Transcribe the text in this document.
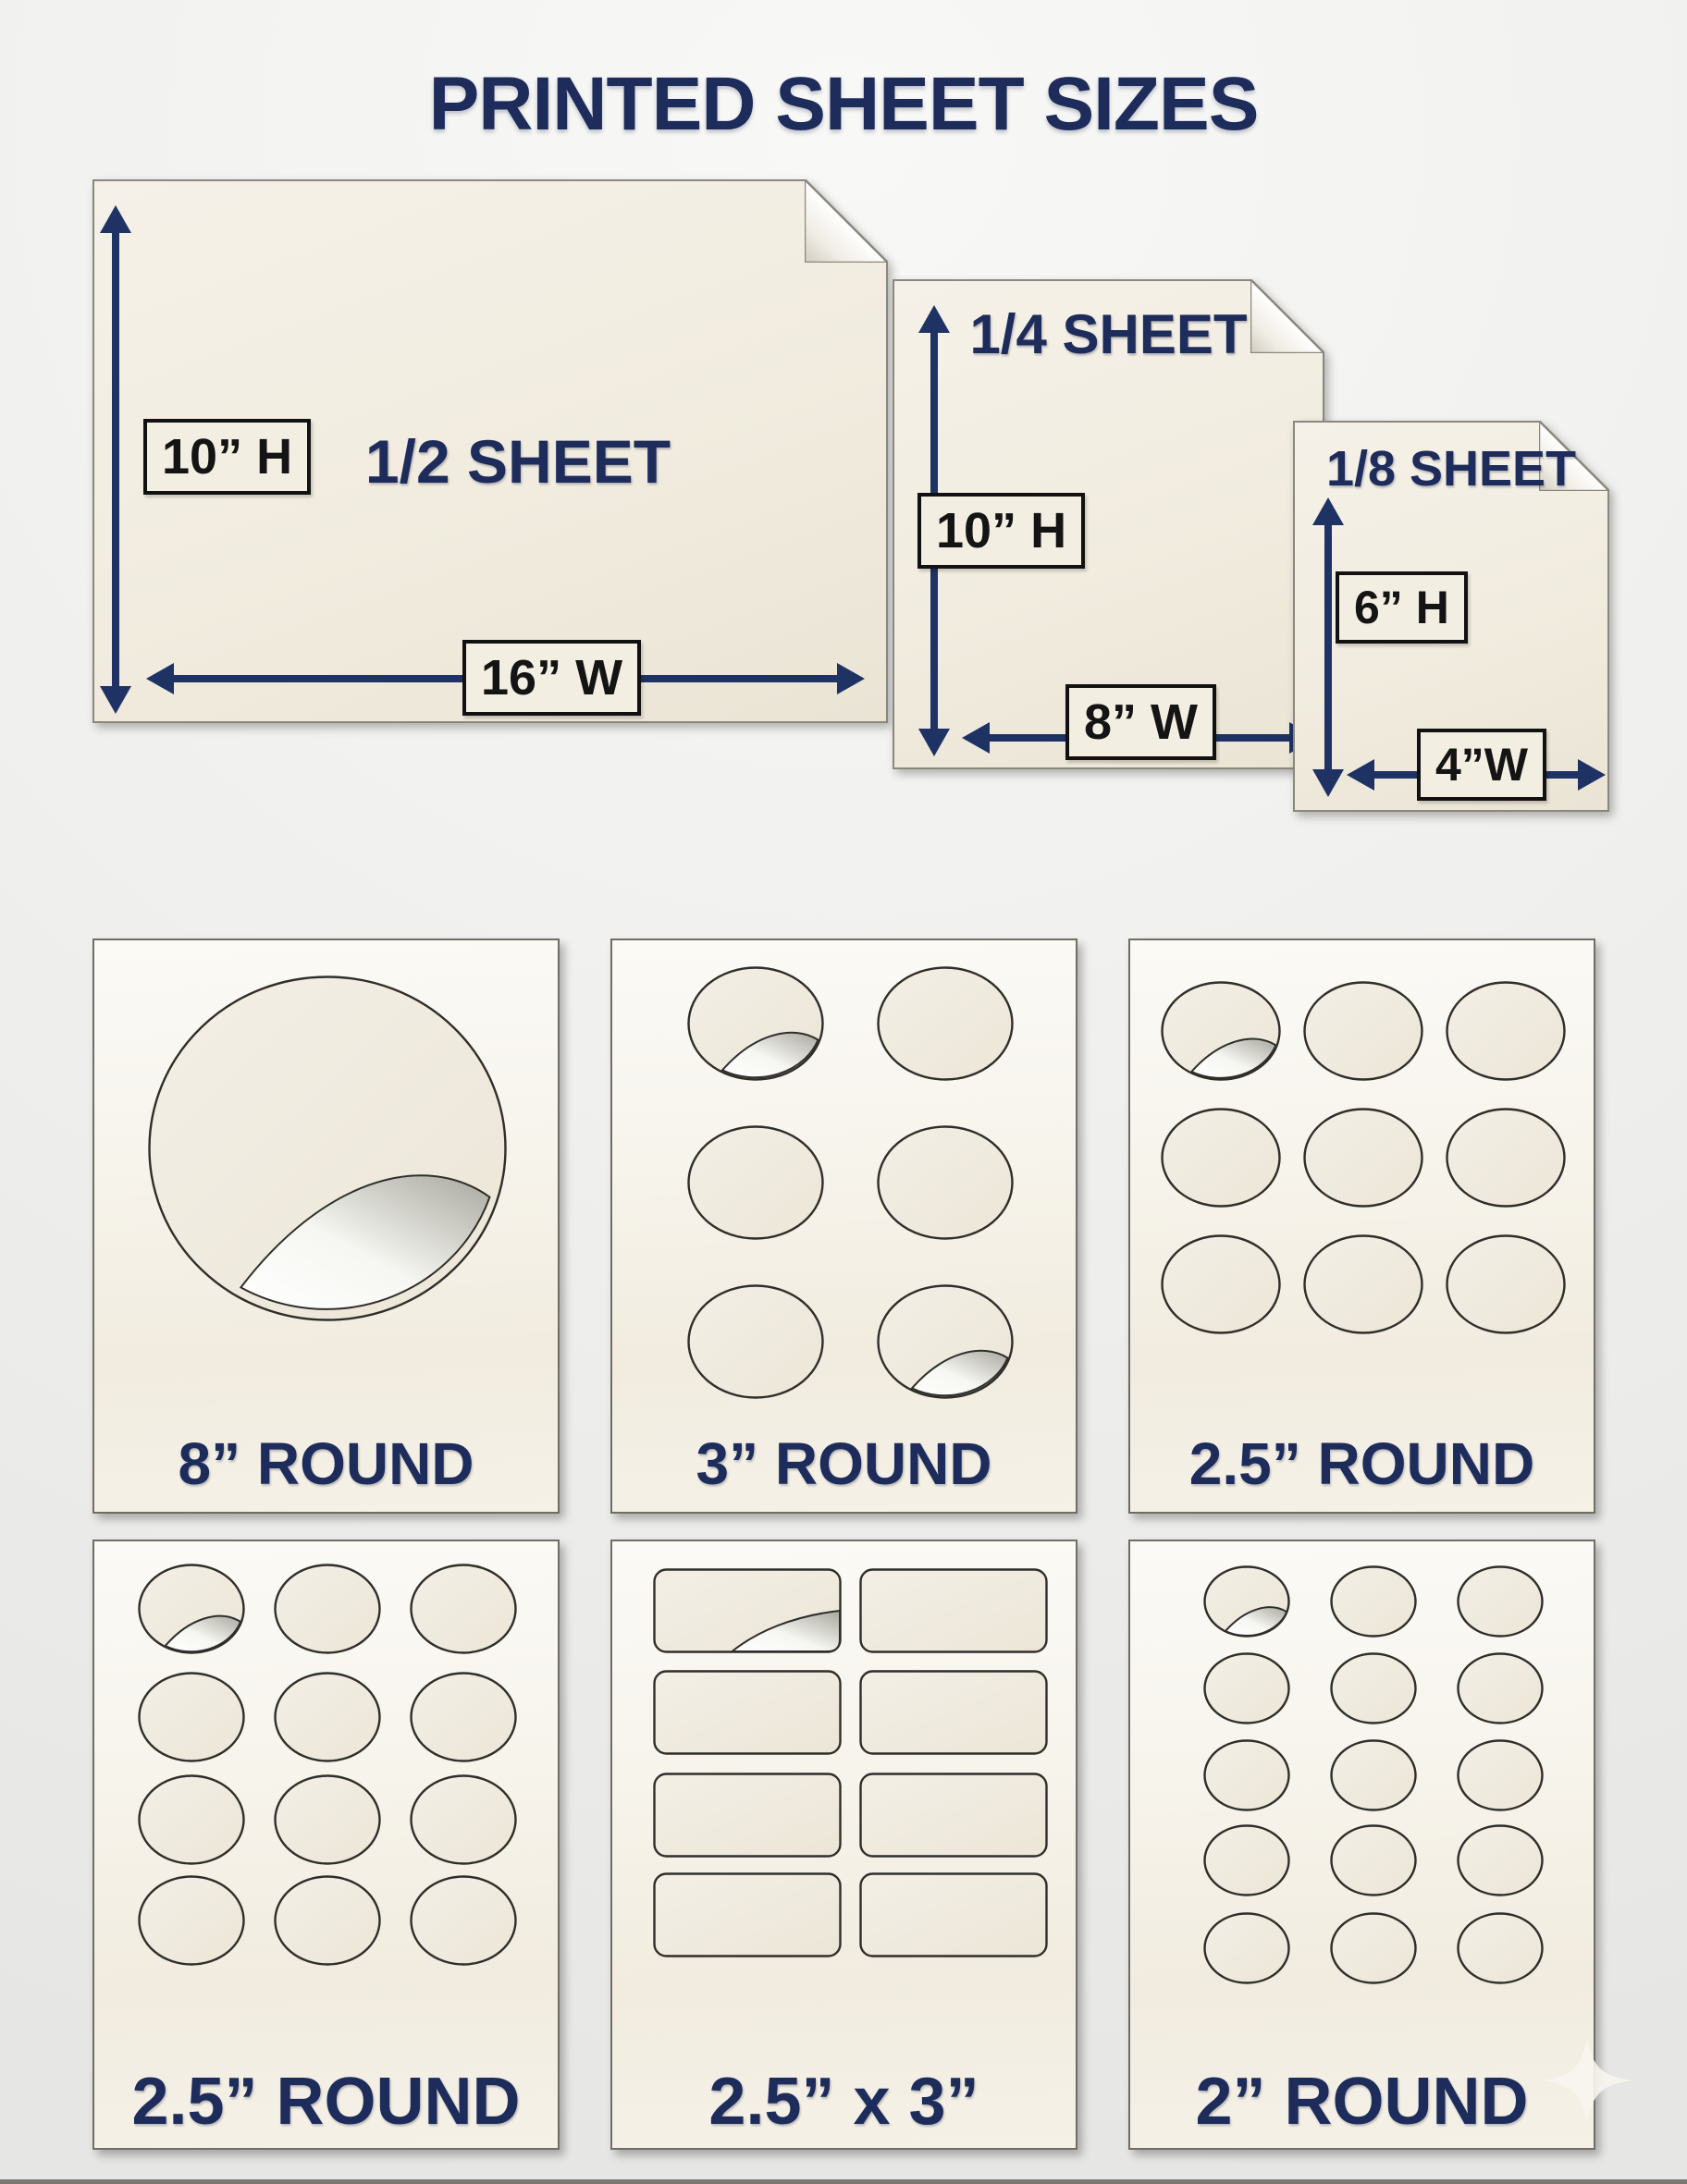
PRINTED SHEET SIZES
1/2 SHEET
10” H
16” W
1/4 SHEET
10” H
8” W
1/8 SHEET
6” H
4”W
8” ROUND	3” ROUND	2.5” ROUND
2.5” ROUND	2.5” x 3”	2” ROUND
